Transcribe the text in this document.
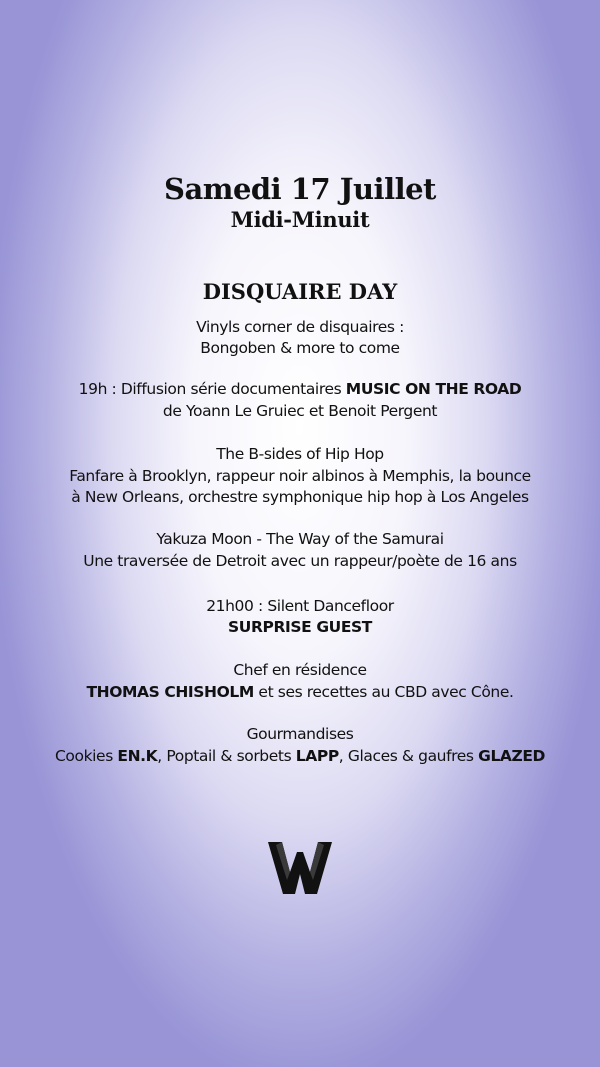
Samedi 17 Juillet
Midi-Minuit
DISQUAIRE DAY
Vinyls corner de disquaires :
Bongoben & more to come
19h : Diffusion série documentaires MUSIC ON THE ROAD
de Yoann Le Gruiec et Benoit Pergent
The B-sides of Hip Hop
Fanfare à Brooklyn, rappeur noir albinos à Memphis, la bounce
à New Orleans, orchestre symphonique hip hop à Los Angeles
Yakuza Moon - The Way of the Samurai
Une traversée de Detroit avec un rappeur/poète de 16 ans
21h00 : Silent Dancefloor
SURPRISE GUEST
Chef en résidence
THOMAS CHISHOLM et ses recettes au CBD avec Cône.
Gourmandises
Cookies EN.K, Poptail & sorbets LAPP, Glaces & gaufres GLAZED
